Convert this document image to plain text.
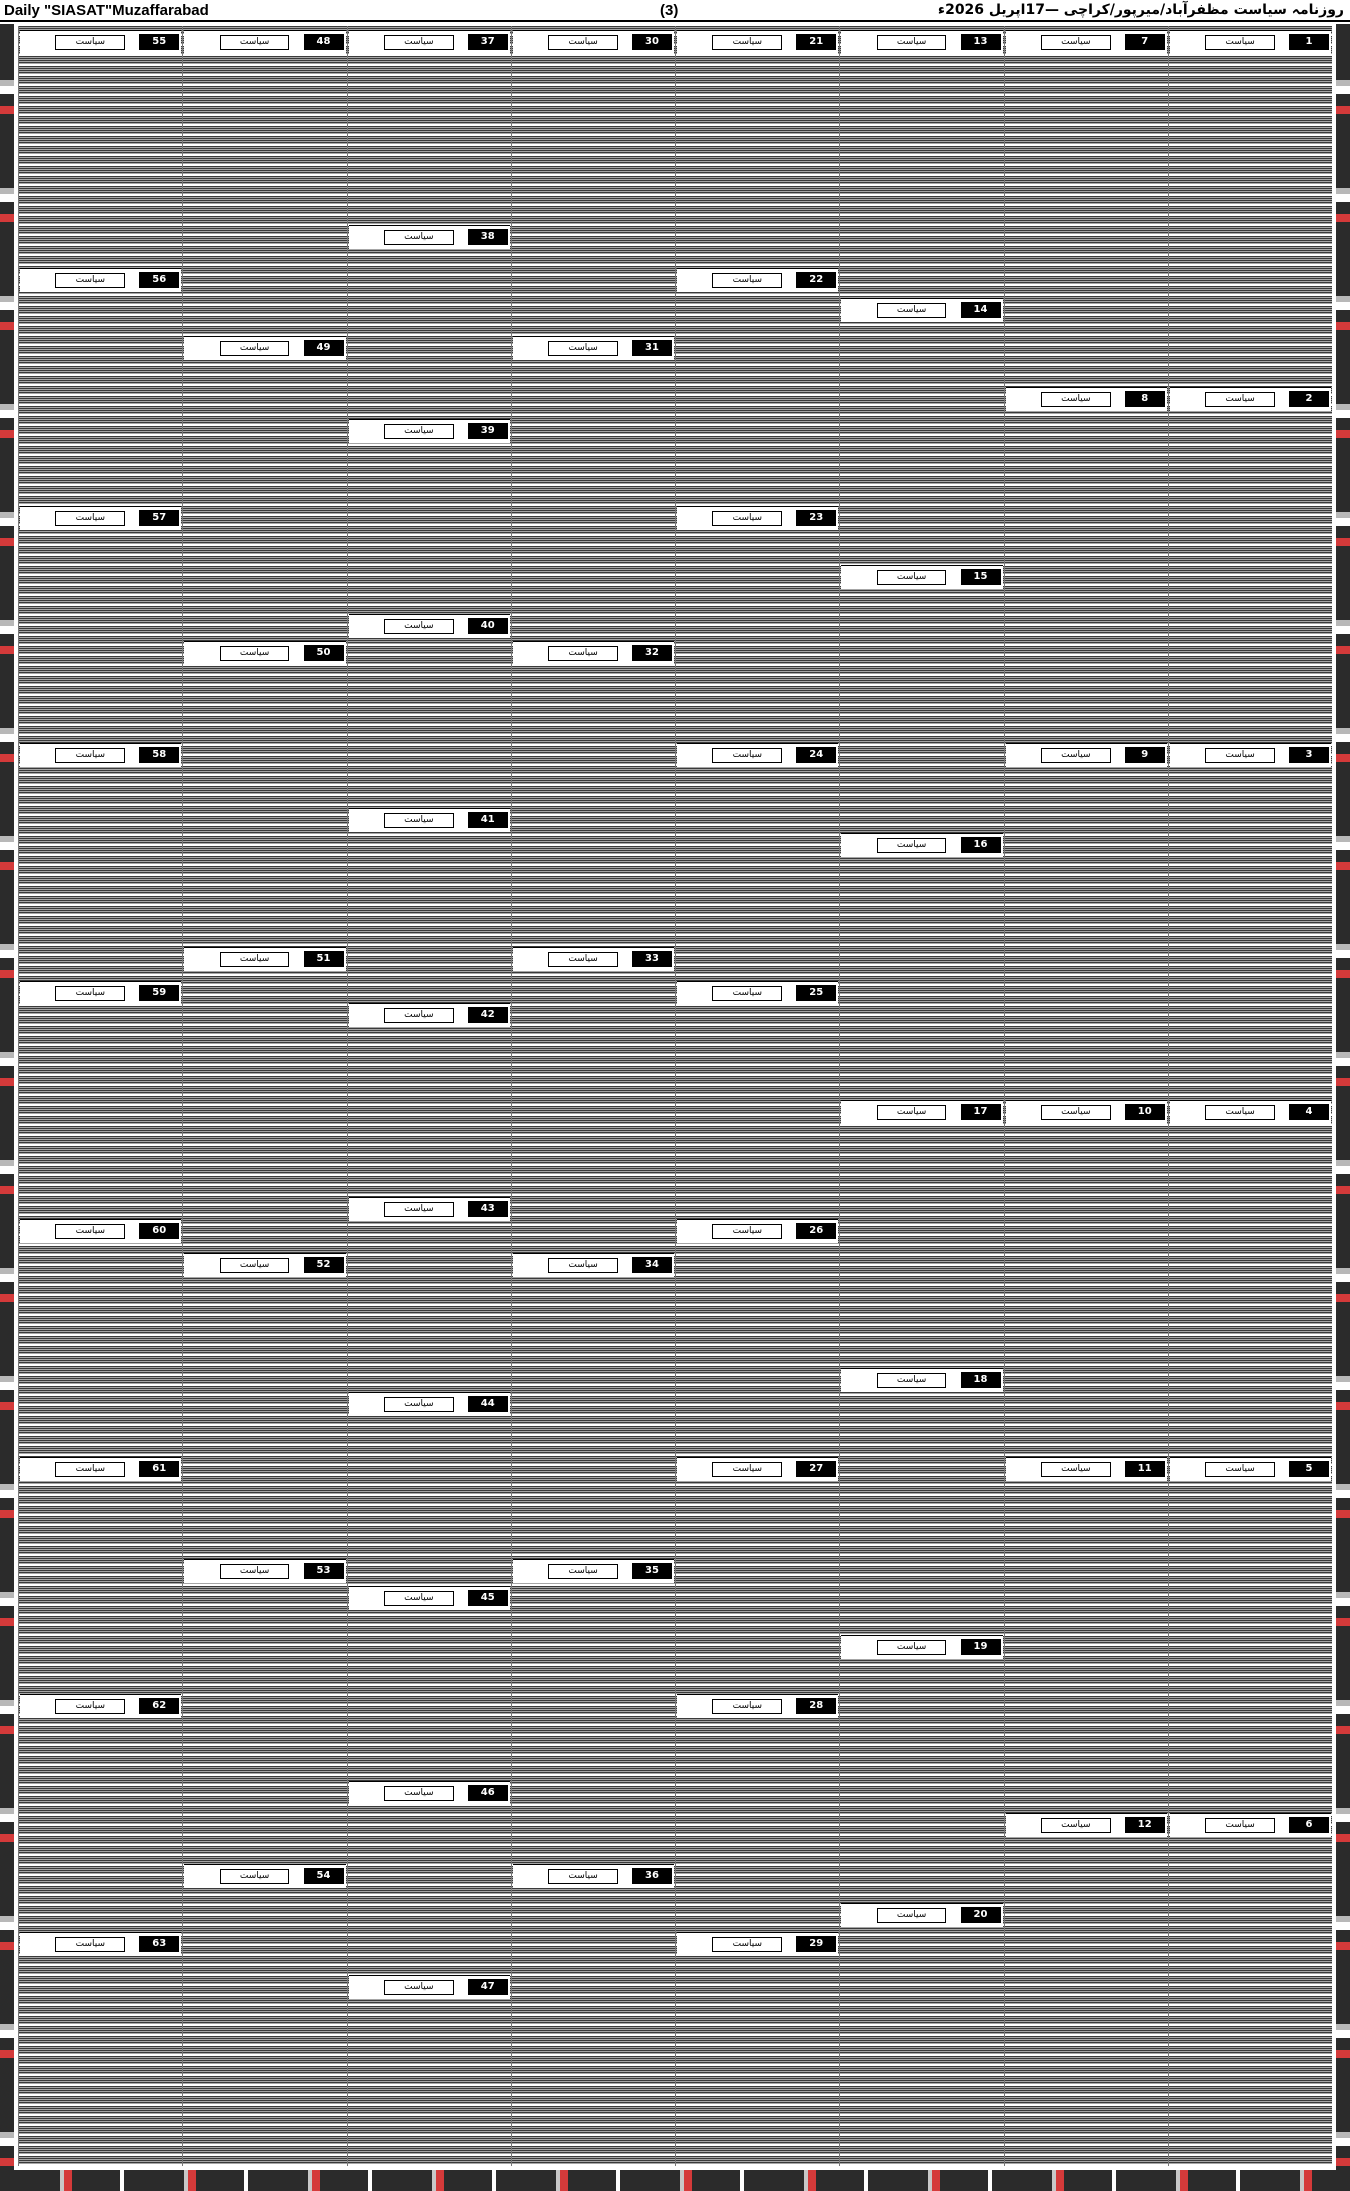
Daily "SIASAT"Muzaffarabad	(3)	روزنامہ سیاست مظفرآباد/میرپور/کراچی —17اپریل 2026ء
1
سیاست
2
سیاست
3
سیاست
4
سیاست
5
سیاست
6
سیاست
7
سیاست
8
سیاست
9
سیاست
10
سیاست
11
سیاست
12
سیاست
13
سیاست
14
سیاست
15
سیاست
16
سیاست
17
سیاست
18
سیاست
19
سیاست
20
سیاست
21
سیاست
22
سیاست
23
سیاست
24
سیاست
25
سیاست
26
سیاست
27
سیاست
28
سیاست
29
سیاست
30
سیاست
31
سیاست
32
سیاست
33
سیاست
34
سیاست
35
سیاست
36
سیاست
37
سیاست
38
سیاست
39
سیاست
40
سیاست
41
سیاست
42
سیاست
43
سیاست
44
سیاست
45
سیاست
46
سیاست
47
سیاست
48
سیاست
49
سیاست
50
سیاست
51
سیاست
52
سیاست
53
سیاست
54
سیاست
55
سیاست
56
سیاست
57
سیاست
58
سیاست
59
سیاست
60
سیاست
61
سیاست
62
سیاست
63
سیاست
